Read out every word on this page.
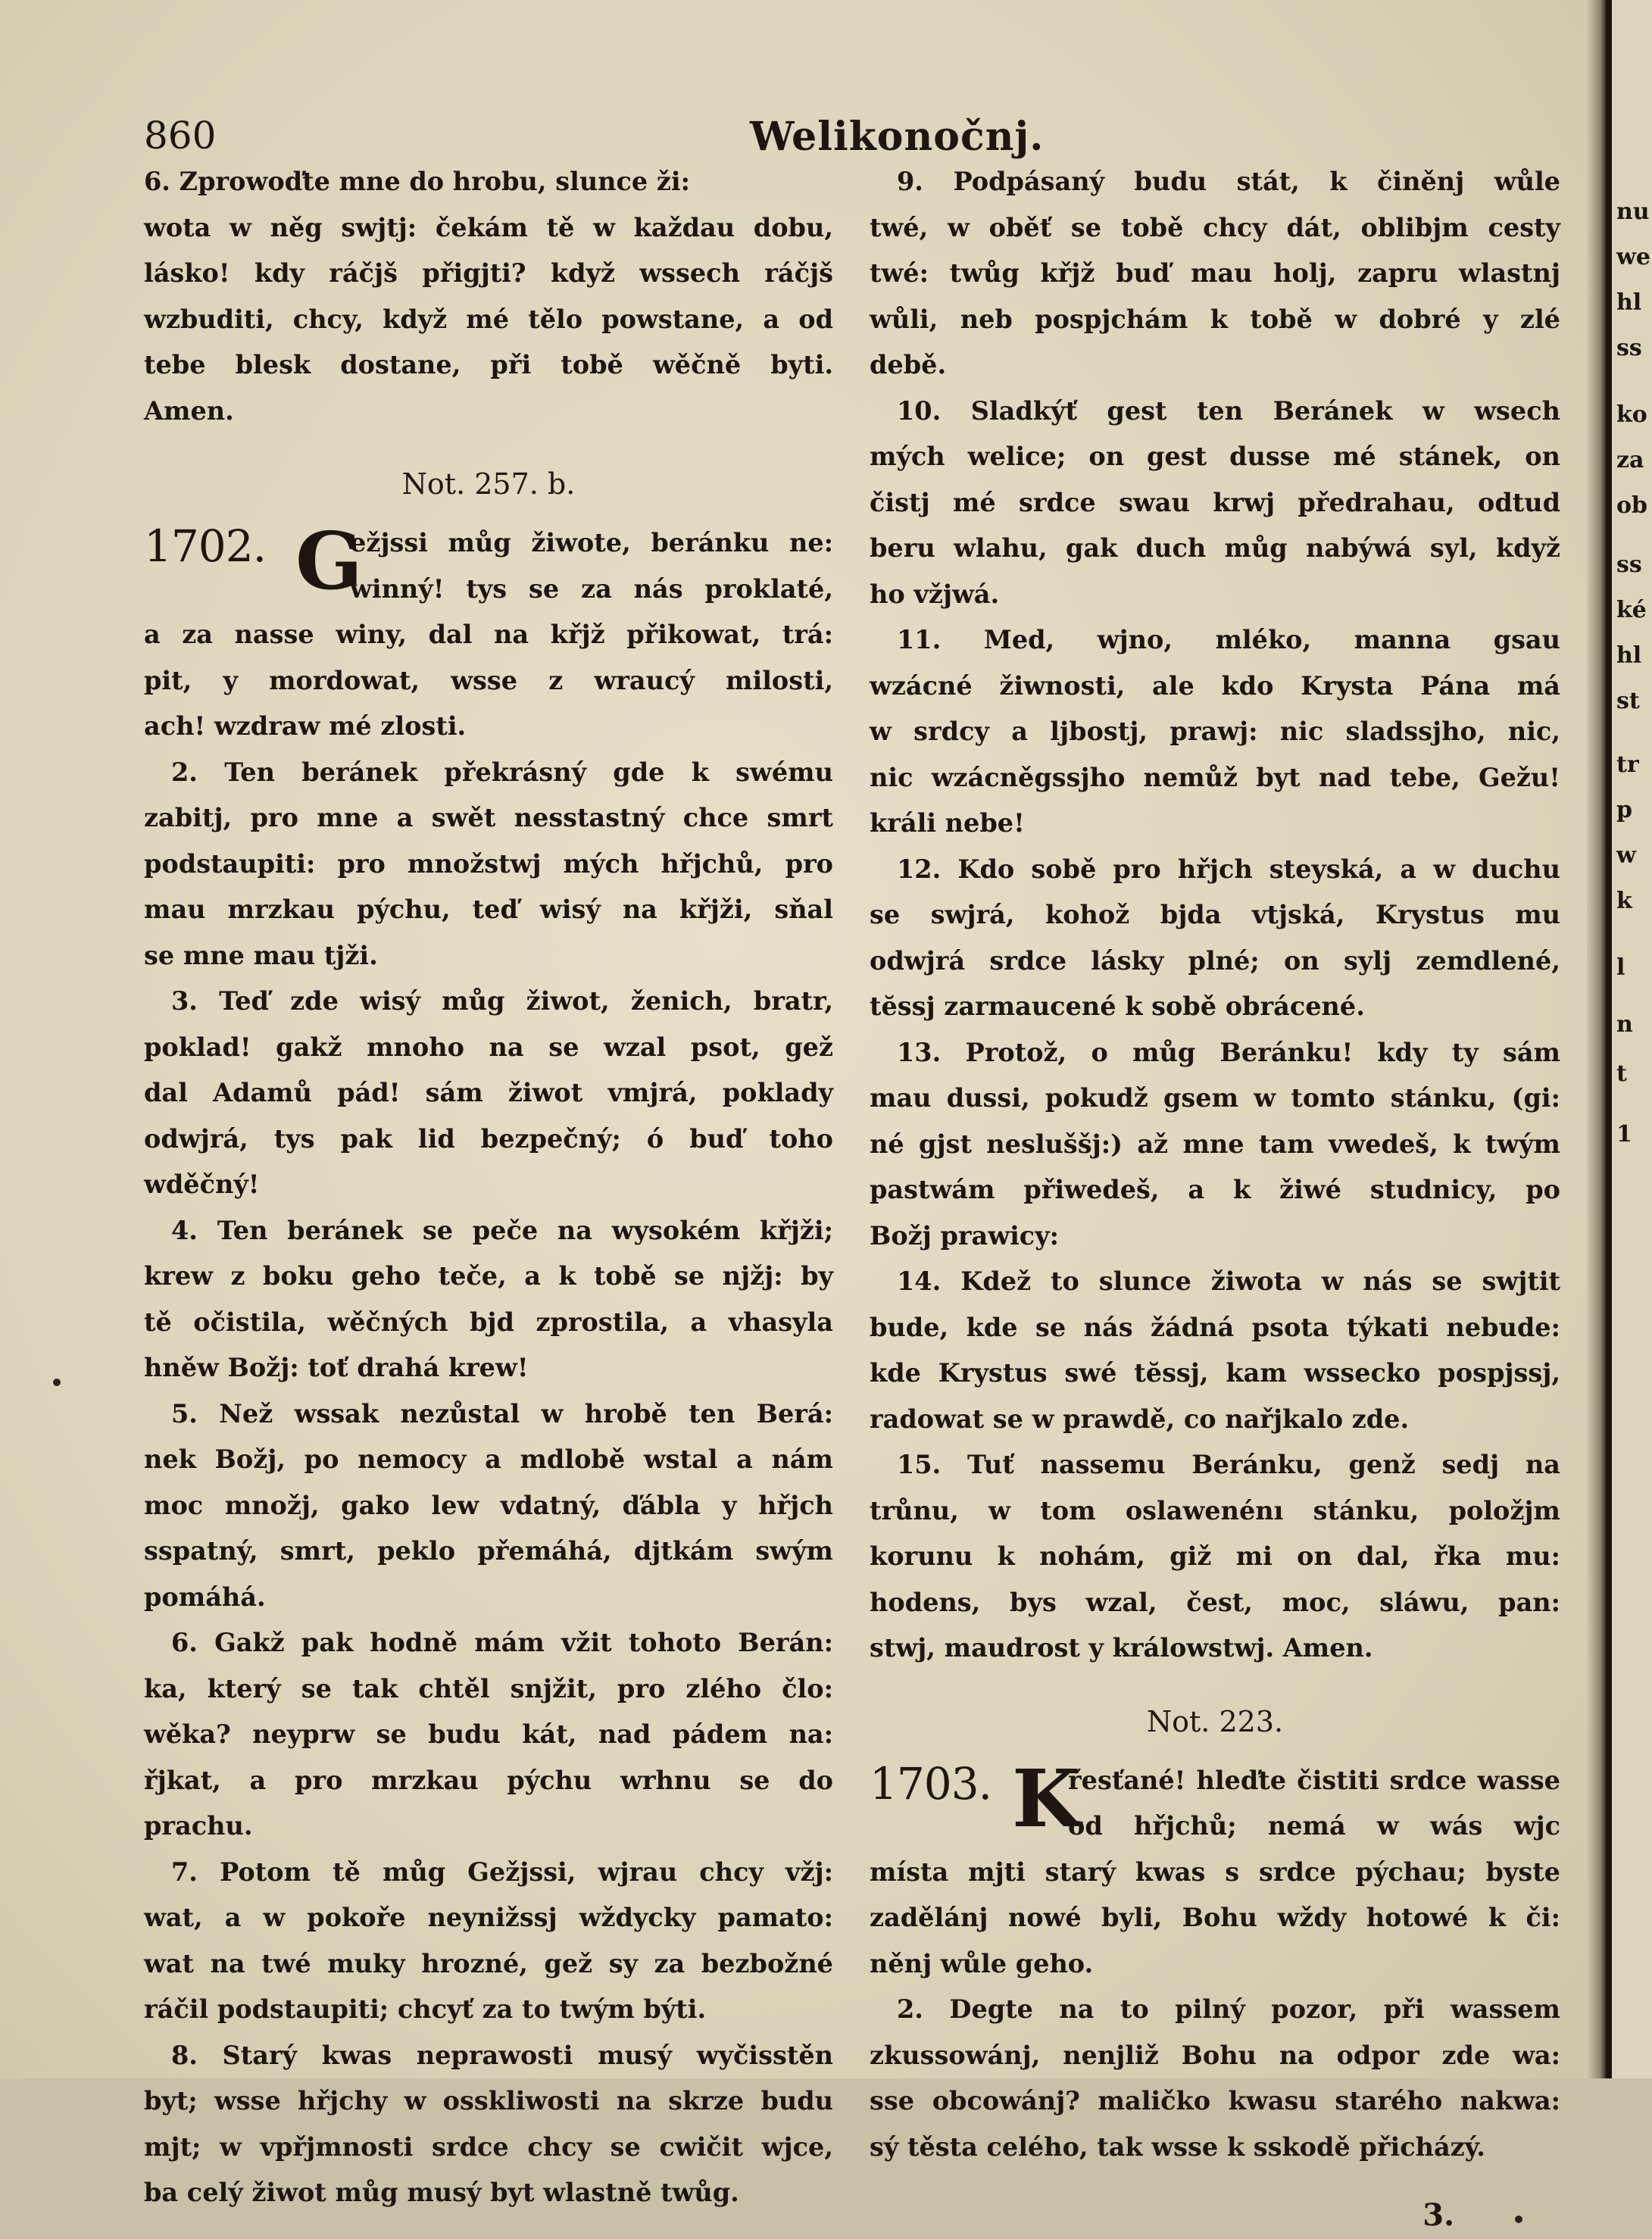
860	Welikonočnj.

6. Zprowoďte mne do hrobu, slunce ži:

wota w něg swjtj: čekám tě w každau dobu,

lásko! kdy ráčjš přigjti? když wssech ráčjš

wzbuditi, chcy, když mé tělo powstane, a od

tebe blesk dostane, při tobě wěčně byti.

Amen.

Not. 257. b.
1702. G

ežjssi můg žiwote, beránku ne:

winný! tys se za nás proklaté,

a za nasse winy, dal na křjž přikowat, trá:

pit, y mordowat, wsse z wraucý milosti,

ach! wzdraw mé zlosti.

2. Ten beránek překrásný gde k swému

zabitj, pro mne a swět nesstastný chce smrt

podstaupiti: pro množstwj mých hřjchů, pro

mau mrzkau pýchu, teď wisý na křjži, sňal

se mne mau tjži.

3. Teď zde wisý můg žiwot, ženich, bratr,

poklad! gakž mnoho na se wzal psot, gež

dal Adamů pád! sám žiwot vmjrá, poklady

odwjrá, tys pak lid bezpečný; ó buď toho

wděčný!

4. Ten beránek se peče na wysokém křjži;

krew z boku geho teče, a k tobě se njžj: by

tě očistila, wěčných bjd zprostila, a vhasyla

hněw Božj: toť drahá krew!

5. Než wssak nezůstal w hrobě ten Berá:

nek Božj, po nemocy a mdlobě wstal a nám

moc množj, gako lew vdatný, ďábla y hřjch

sspatný, smrt, peklo přemáhá, djtkám swým

pomáhá.

6. Gakž pak hodně mám vžit tohoto Berán:

ka, který se tak chtěl snjžit, pro zlého člo:

wěka? neyprw se budu kát, nad pádem na:

řjkat, a pro mrzkau pýchu wrhnu se do

prachu.

7. Potom tě můg Gežjssi, wjrau chcy vžj:

wat, a w pokoře neynižssj wždycky pamato:

wat na twé muky hrozné, gež sy za bezbožné

ráčil podstaupiti; chcyť za to twým býti.

8. Starý kwas neprawosti musý wyčisstěn

byt; wsse hřjchy w osskliwosti na skrze budu

mjt; w vpřjmnosti srdce chcy se cwičit wjce,

ba celý žiwot můg musý byt wlastně twůg.

9. Podpásaný budu stát, k činěnj wůle

twé, w oběť se tobě chcy dát, oblibjm cesty

twé: twůg křjž buď mau holj, zapru wlastnj

wůli, neb pospjchám k tobě w dobré y zlé

debě.

10. Sladkýť gest ten Beránek w wsech

mých welice; on gest dusse mé stánek, on

čistj mé srdce swau krwj předrahau, odtud

beru wlahu, gak duch můg nabýwá syl, když

ho vžjwá.

11. Med, wjno, mléko, manna gsau

wzácné žiwnosti, ale kdo Krysta Pána má

w srdcy a ljbostj, prawj: nic sladssjho, nic,

nic wzácněgssjho nemůž byt nad tebe, Gežu!

králi nebe!

12. Kdo sobě pro hřjch steyská, a w duchu

se swjrá, kohož bjda vtjská, Krystus mu

odwjrá srdce lásky plné; on sylj zemdlené,

tĕssj zarmaucené k sobě obrácené.

13. Protož, o můg Beránku! kdy ty sám

mau dussi, pokudž gsem w tomto stánku, (gi:

né gjst nesluššj:) až mne tam vwedeš, k twým

pastwám přiwedeš, a k žiwé studnicy, po

Božj prawicy:

14. Kdež to slunce žiwota w nás se swjtit

bude, kde se nás žádná psota týkati nebude:

kde Krystus swé tĕssj, kam wssecko pospjssj,

radowat se w prawdě, co nařjkalo zde.

15. Tuť nassemu Beránku, genž sedj na

trůnu, w tom oslawenénı stánku, položjm

korunu k nohám, giž mi on dal, řka mu:

hodens, bys wzal, čest, moc, sláwu, pan:

stwj, maudrost y králowstwj. Amen.

Not. 223.
1703. K

řesťané! hleďte čistiti srdce wasse

od hřjchů; nemá w wás wjc

místa mjti starý kwas s srdce pýchau; byste

zadělánj nowé byli, Bohu wždy hotowé k či:

něnj wůle geho.

2. Degte na to pilný pozor, při wassem

zkussowánj, nenjliž Bohu na odpor zde wa:

sse obcowánj? maličko kwasu starého nakwa:

sý těsta celého, tak wsse k sskodě přicházý.

3.
nu
we
hl
ss
ko
za
ob
ss
ké
hl
st
tr
p
w
k
l
n
t
1
